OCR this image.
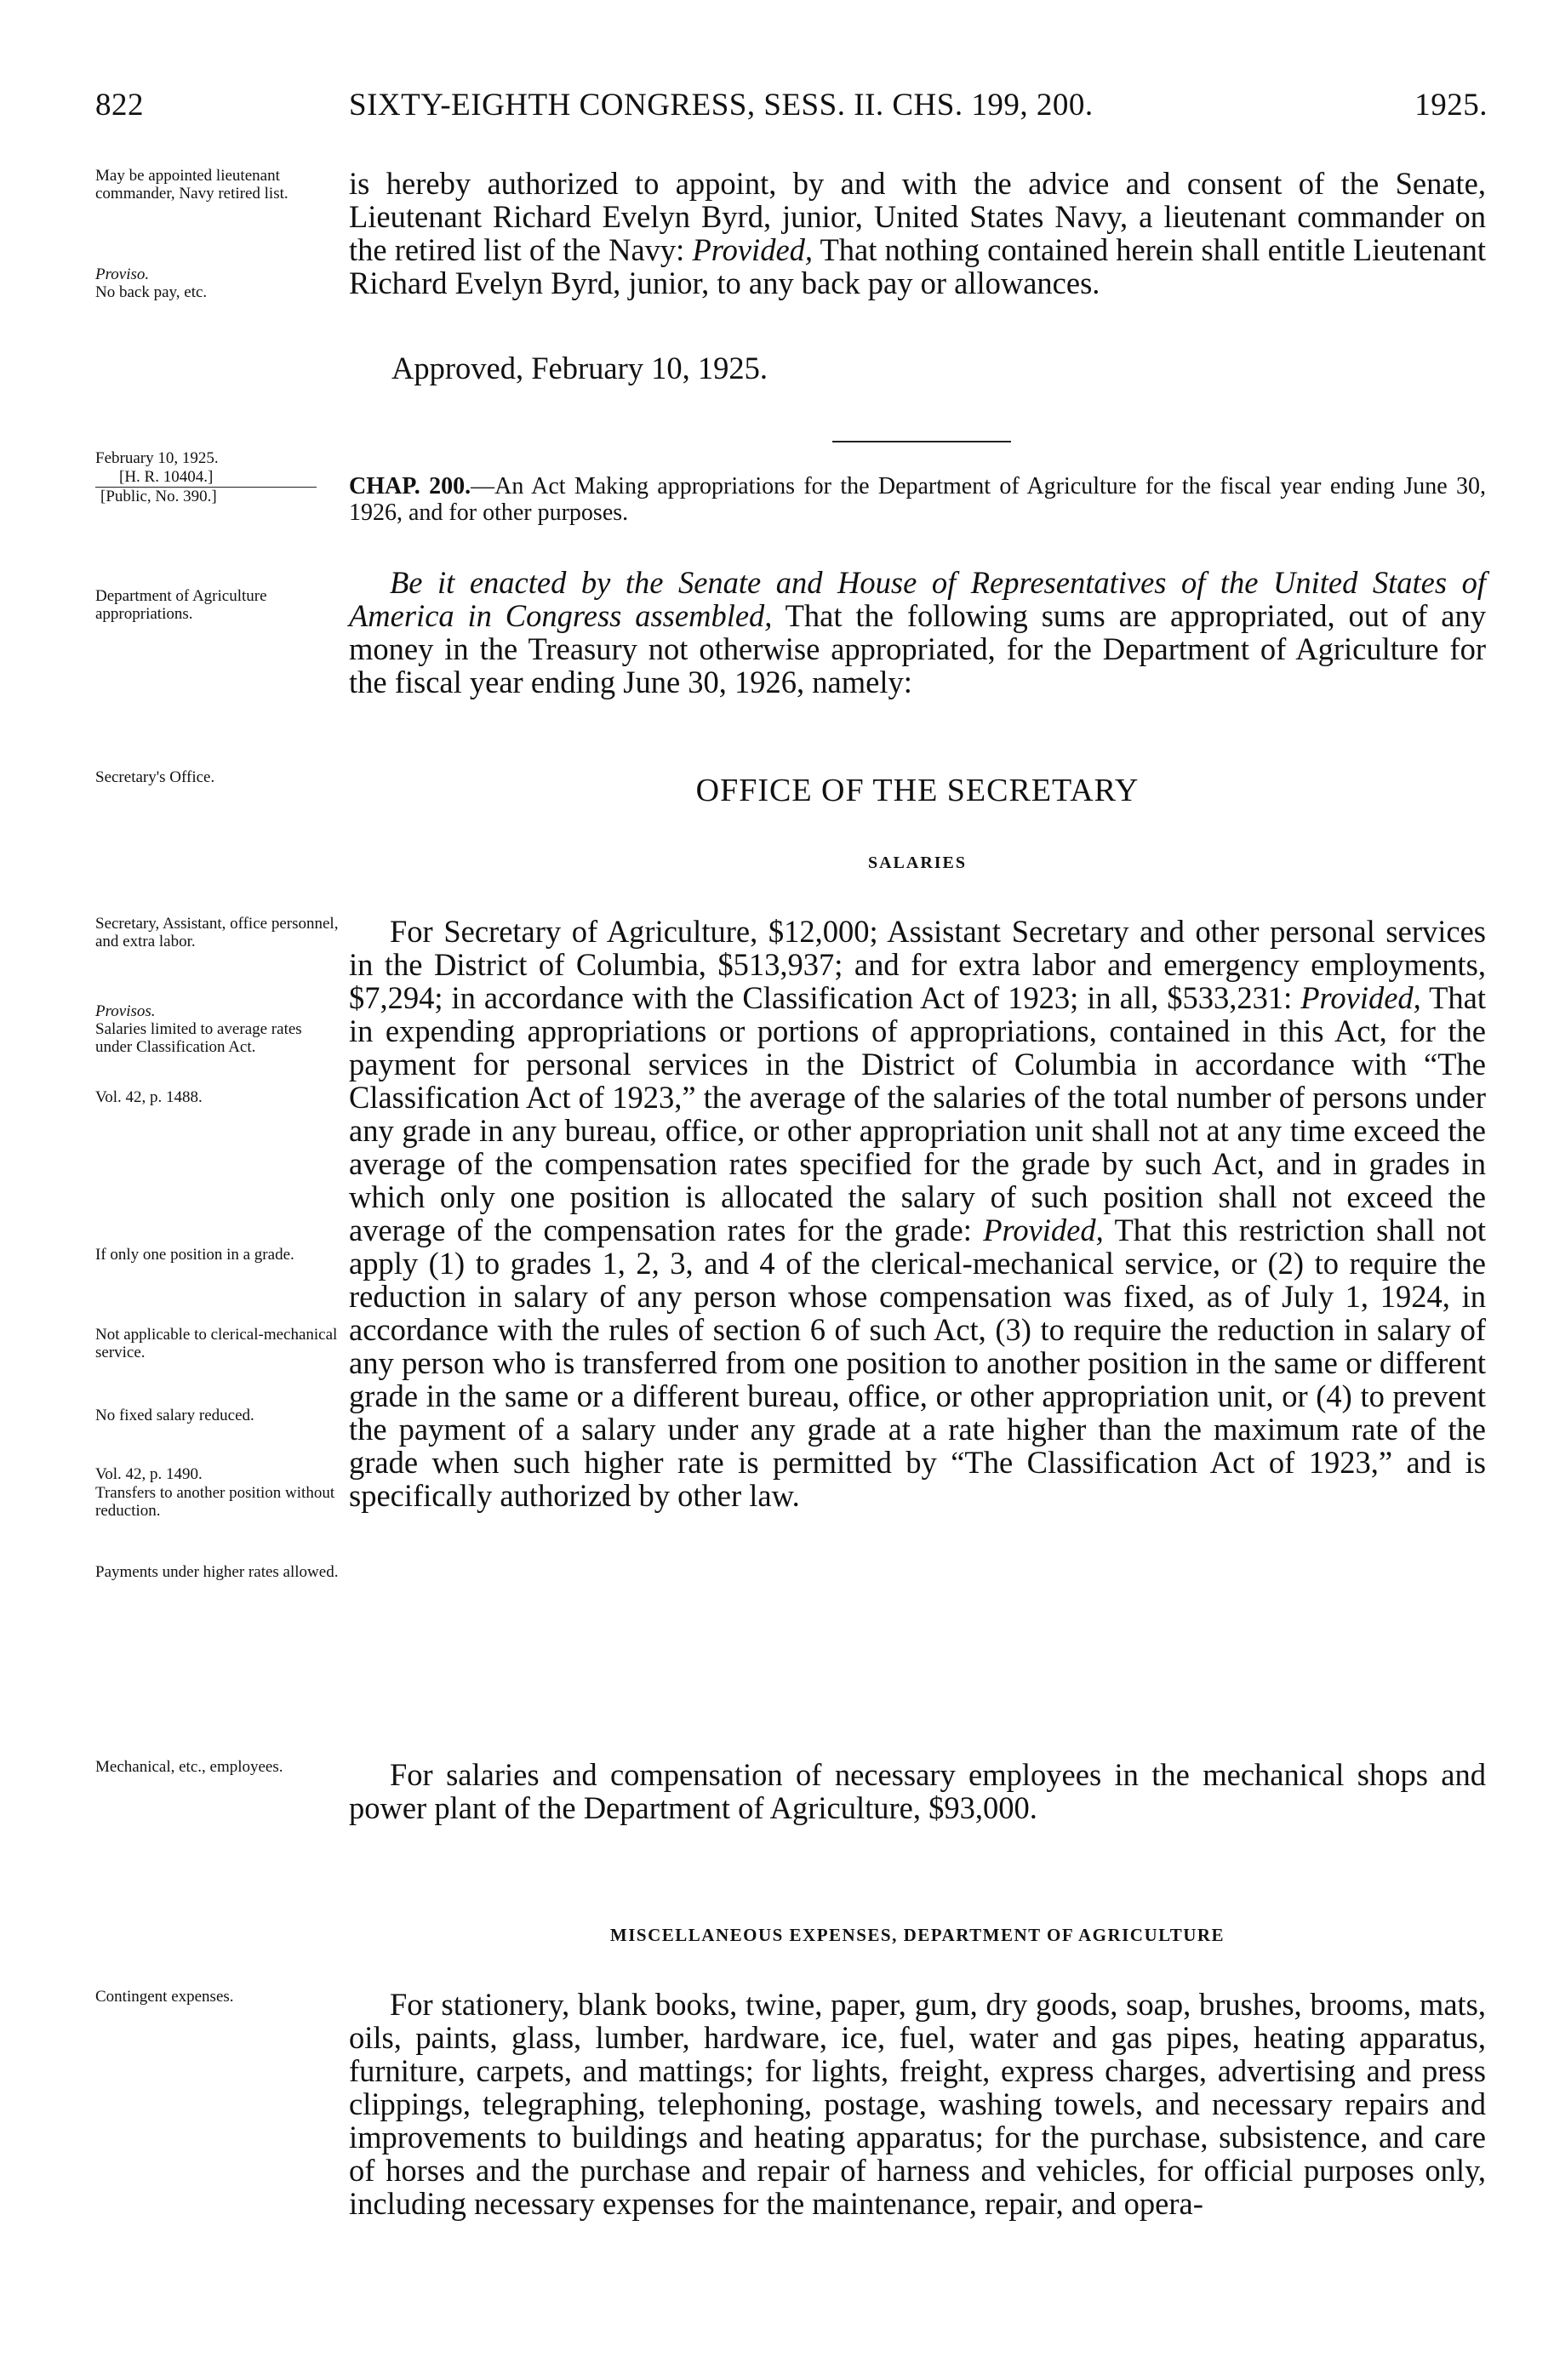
822	SIXTY-EIGHTH CONGRESS, SESS. II. CHS. 199, 200.	1925.
May be appointed lieutenant commander, Navy retired list.
Proviso.
No back pay, etc.
February 10, 1925.
[H. R. 10404.]
[Public, No. 390.]
Department of Agriculture appropriations.
Secretary's Office.
Secretary, Assistant, office personnel, and extra labor.
Provisos.
Salaries limited to average rates under Classification Act.
Vol. 42, p. 1488.
If only one position in a grade.
Not applicable to clerical-mechanical service.
No fixed salary reduced.
Vol. 42, p. 1490.
Transfers to another position without reduction.
Payments under higher rates allowed.
Mechanical, etc., employees.
Contingent expenses.
is hereby authorized to appoint, by and with the advice and consent of the Senate, Lieutenant Richard Evelyn Byrd, junior, United States Navy, a lieutenant commander on the retired list of the Navy: Provided, That nothing contained herein shall entitle Lieutenant Richard Evelyn Byrd, junior, to any back pay or allowances.
Approved, February 10, 1925.
CHAP. 200.—An Act Making appropriations for the Department of Agriculture for the fiscal year ending June 30, 1926, and for other purposes.
Be it enacted by the Senate and House of Representatives of the United States of America in Congress assembled, That the following sums are appropriated, out of any money in the Treasury not otherwise appropriated, for the Department of Agriculture for the fiscal year ending June 30, 1926, namely:
OFFICE OF THE SECRETARY
SALARIES
For Secretary of Agriculture, $12,000; Assistant Secretary and other personal services in the District of Columbia, $513,937; and for extra labor and emergency employments, $7,294; in accordance with the Classification Act of 1923; in all, $533,231: Provided, That in expending appropriations or portions of appropriations, contained in this Act, for the payment for personal services in the District of Columbia in accordance with “The Classification Act of 1923,” the average of the salaries of the total number of persons under any grade in any bureau, office, or other appropriation unit shall not at any time exceed the average of the compensation rates specified for the grade by such Act, and in grades in which only one position is allocated the salary of such position shall not exceed the average of the compensation rates for the grade: Provided, That this restriction shall not apply (1) to grades 1, 2, 3, and 4 of the clerical-mechanical service, or (2) to require the reduction in salary of any person whose compensation was fixed, as of July 1, 1924, in accordance with the rules of section 6 of such Act, (3) to require the reduction in salary of any person who is transferred from one position to another position in the same or different grade in the same or a different bureau, office, or other appropriation unit, or (4) to prevent the payment of a salary under any grade at a rate higher than the maximum rate of the grade when such higher rate is permitted by “The Classification Act of 1923,” and is specifically authorized by other law.
For salaries and compensation of necessary employees in the mechanical shops and power plant of the Department of Agriculture, $93,000.
MISCELLANEOUS EXPENSES, DEPARTMENT OF AGRICULTURE
For stationery, blank books, twine, paper, gum, dry goods, soap, brushes, brooms, mats, oils, paints, glass, lumber, hardware, ice, fuel, water and gas pipes, heating apparatus, furniture, carpets, and mattings; for lights, freight, express charges, advertising and press clippings, telegraphing, telephoning, postage, washing towels, and necessary repairs and improvements to buildings and heating apparatus; for the purchase, subsistence, and care of horses and the purchase and repair of harness and vehicles, for official purposes only, including necessary expenses for the maintenance, repair, and opera-
